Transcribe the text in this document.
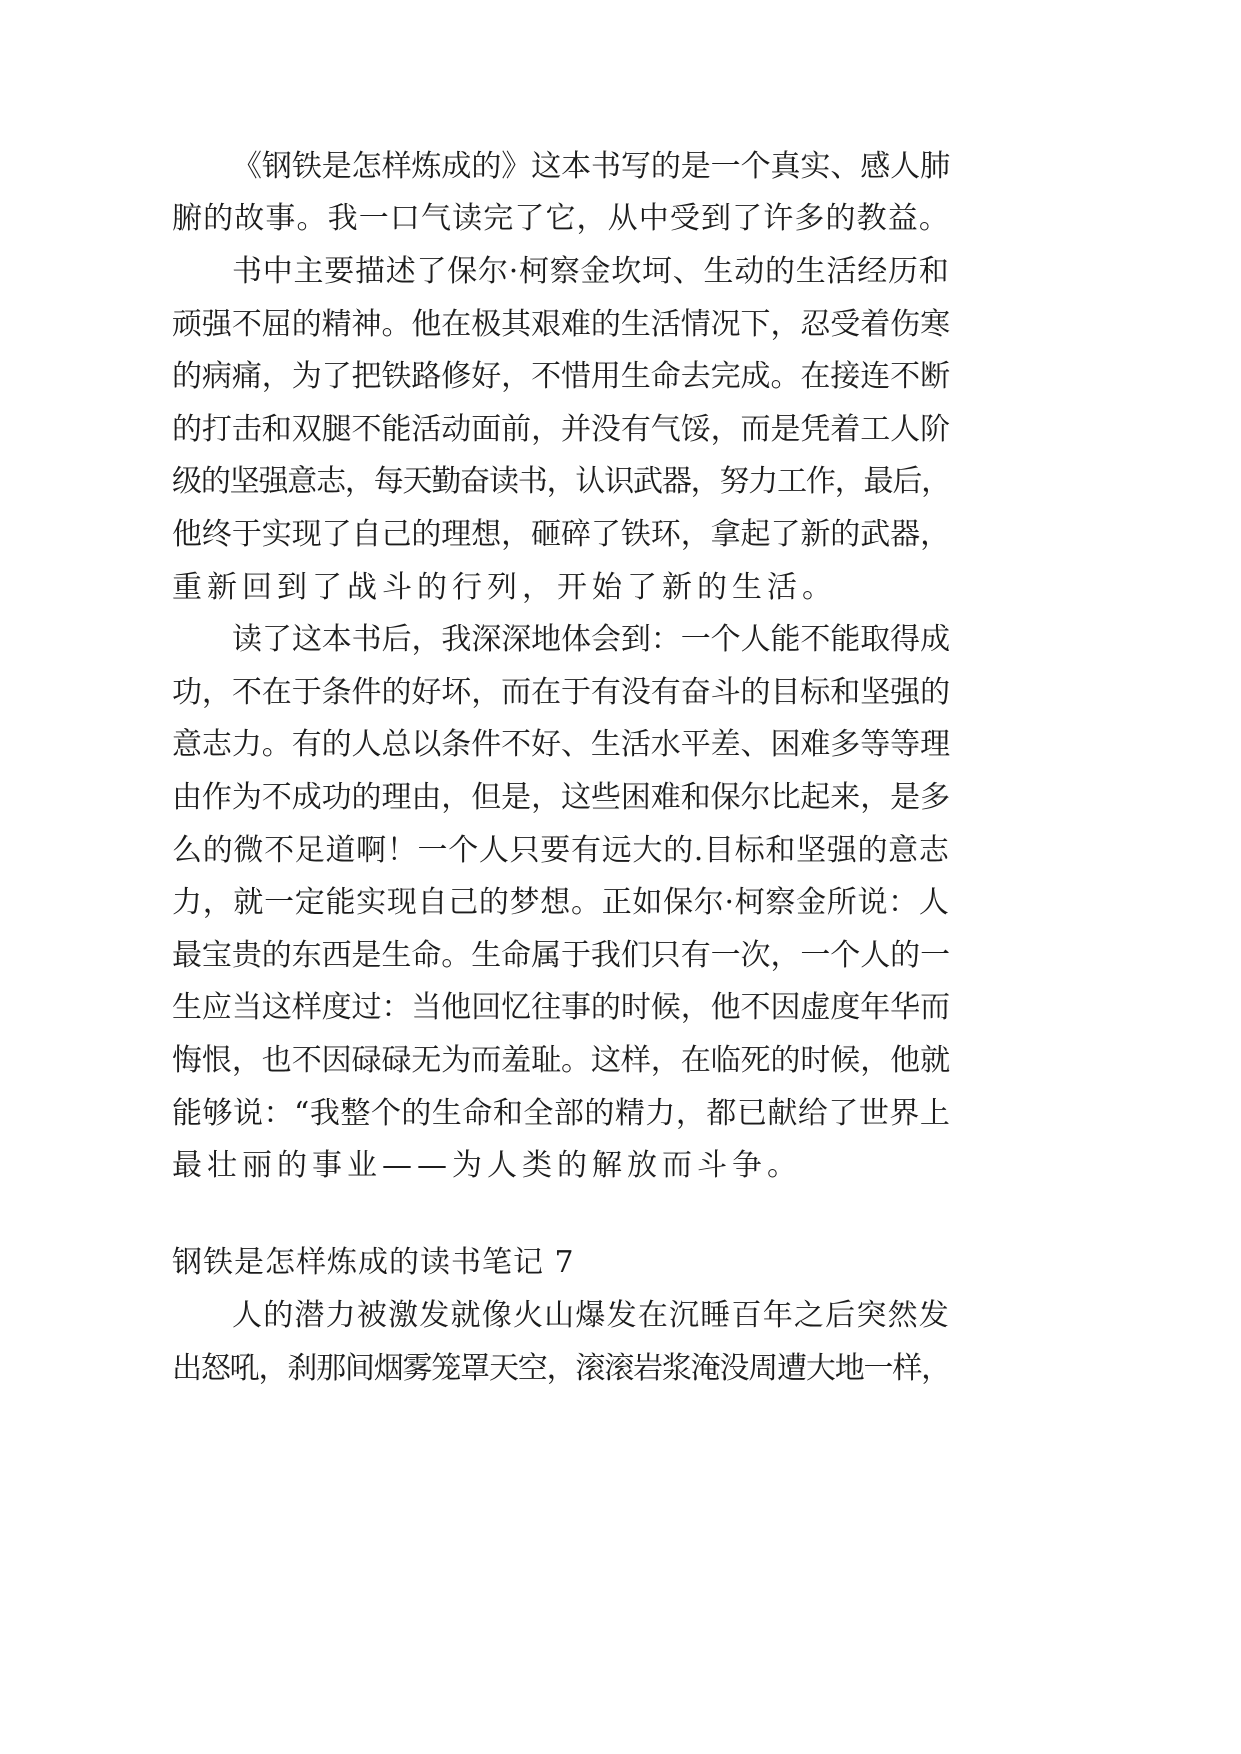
《钢铁是怎样炼成的》这本书写的是一个真实、感人肺
腑的故事。我一口气读完了它，从中受到了许多的教益。
书中主要描述了保尔·柯察金坎坷、生动的生活经历和
顽强不屈的精神。他在极其艰难的生活情况下，忍受着伤寒
的病痛，为了把铁路修好，不惜用生命去完成。在接连不断
的打击和双腿不能活动面前，并没有气馁，而是凭着工人阶
级的坚强意志，每天勤奋读书，认识武器，努力工作，最后，
他终于实现了自己的理想，砸碎了铁环，拿起了新的武器，
重新回到了战斗的行列，开始了新的生活。
读了这本书后，我深深地体会到：一个人能不能取得成
功，不在于条件的好坏，而在于有没有奋斗的目标和坚强的
意志力。有的人总以条件不好、生活水平差、困难多等等理
由作为不成功的理由，但是，这些困难和保尔比起来，是多
么的微不足道啊！一个人只要有远大的.目标和坚强的意志
力，就一定能实现自己的梦想。正如保尔·柯察金所说：人
最宝贵的东西是生命。生命属于我们只有一次，一个人的一
生应当这样度过：当他回忆往事的时候，他不因虚度年华而
悔恨，也不因碌碌无为而羞耻。这样，在临死的时候，他就
能够说：“我整个的生命和全部的精力，都已献给了世界上
最壮丽的事业——为人类的解放而斗争。
钢铁是怎样炼成的读书笔记 7
人的潜力被激发就像火山爆发在沉睡百年之后突然发
出怒吼，刹那间烟雾笼罩天空，滚滚岩浆淹没周遭大地一样，
